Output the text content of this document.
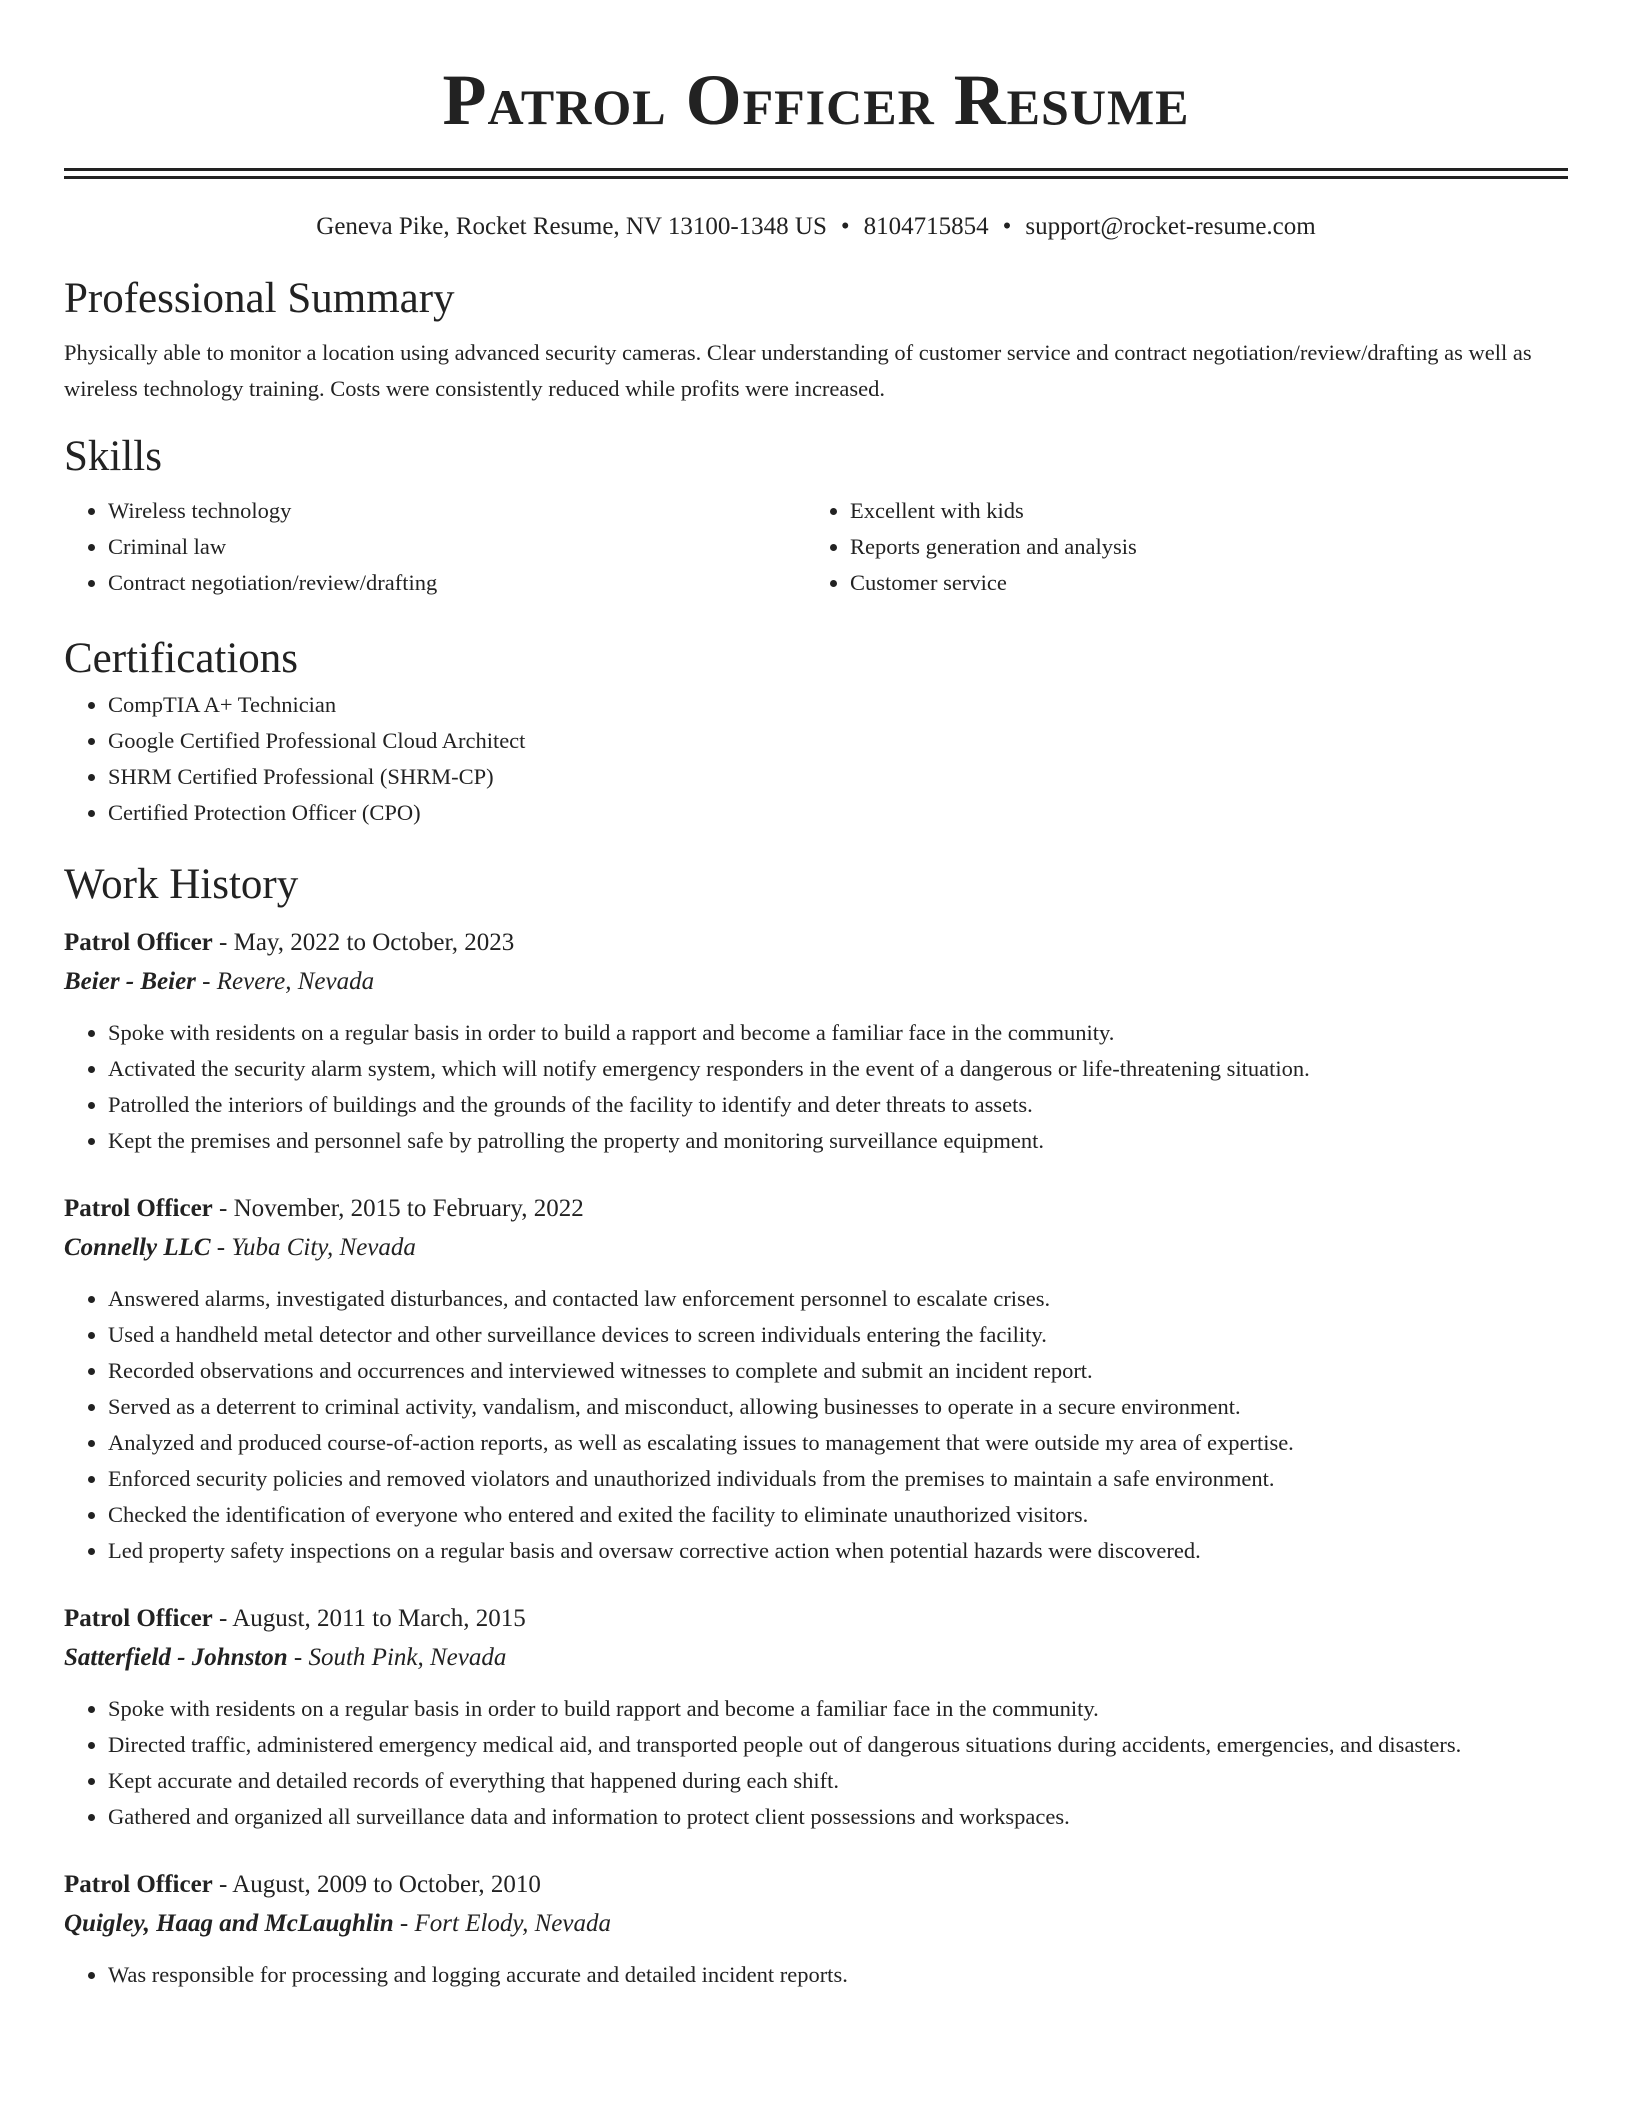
Patrol Officer Resume
Geneva Pike, Rocket Resume, NV 13100-1348 US • 8104715854 • support@rocket-resume.com
Professional Summary

Physically able to monitor a location using advanced security cameras. Clear understanding of customer service and contract negotiation/review/drafting as well as wireless technology training. Costs were consistently reduced while profits were increased.

Skills
• Wireless technology
• Criminal law
• Contract negotiation/review/drafting
• Excellent with kids
• Reports generation and analysis
• Customer service
Certifications
• CompTIA A+ Technician
• Google Certified Professional Cloud Architect
• SHRM Certified Professional (SHRM-CP)
• Certified Protection Officer (CPO)
Work History
Patrol Officer - May, 2022 to October, 2023
Beier - Beier - Revere, Nevada
• Spoke with residents on a regular basis in order to build a rapport and become a familiar face in the community.
• Activated the security alarm system, which will notify emergency responders in the event of a dangerous or life-threatening situation.
• Patrolled the interiors of buildings and the grounds of the facility to identify and deter threats to assets.
• Kept the premises and personnel safe by patrolling the property and monitoring surveillance equipment.
Patrol Officer - November, 2015 to February, 2022
Connelly LLC - Yuba City, Nevada
• Answered alarms, investigated disturbances, and contacted law enforcement personnel to escalate crises.
• Used a handheld metal detector and other surveillance devices to screen individuals entering the facility.
• Recorded observations and occurrences and interviewed witnesses to complete and submit an incident report.
• Served as a deterrent to criminal activity, vandalism, and misconduct, allowing businesses to operate in a secure environment.
• Analyzed and produced course-of-action reports, as well as escalating issues to management that were outside my area of expertise.
• Enforced security policies and removed violators and unauthorized individuals from the premises to maintain a safe environment.
• Checked the identification of everyone who entered and exited the facility to eliminate unauthorized visitors.
• Led property safety inspections on a regular basis and oversaw corrective action when potential hazards were discovered.
Patrol Officer - August, 2011 to March, 2015
Satterfield - Johnston - South Pink, Nevada
• Spoke with residents on a regular basis in order to build rapport and become a familiar face in the community.
• Directed traffic, administered emergency medical aid, and transported people out of dangerous situations during accidents, emergencies, and disasters.
• Kept accurate and detailed records of everything that happened during each shift.
• Gathered and organized all surveillance data and information to protect client possessions and workspaces.
Patrol Officer - August, 2009 to October, 2010
Quigley, Haag and McLaughlin - Fort Elody, Nevada
• Was responsible for processing and logging accurate and detailed incident reports.
